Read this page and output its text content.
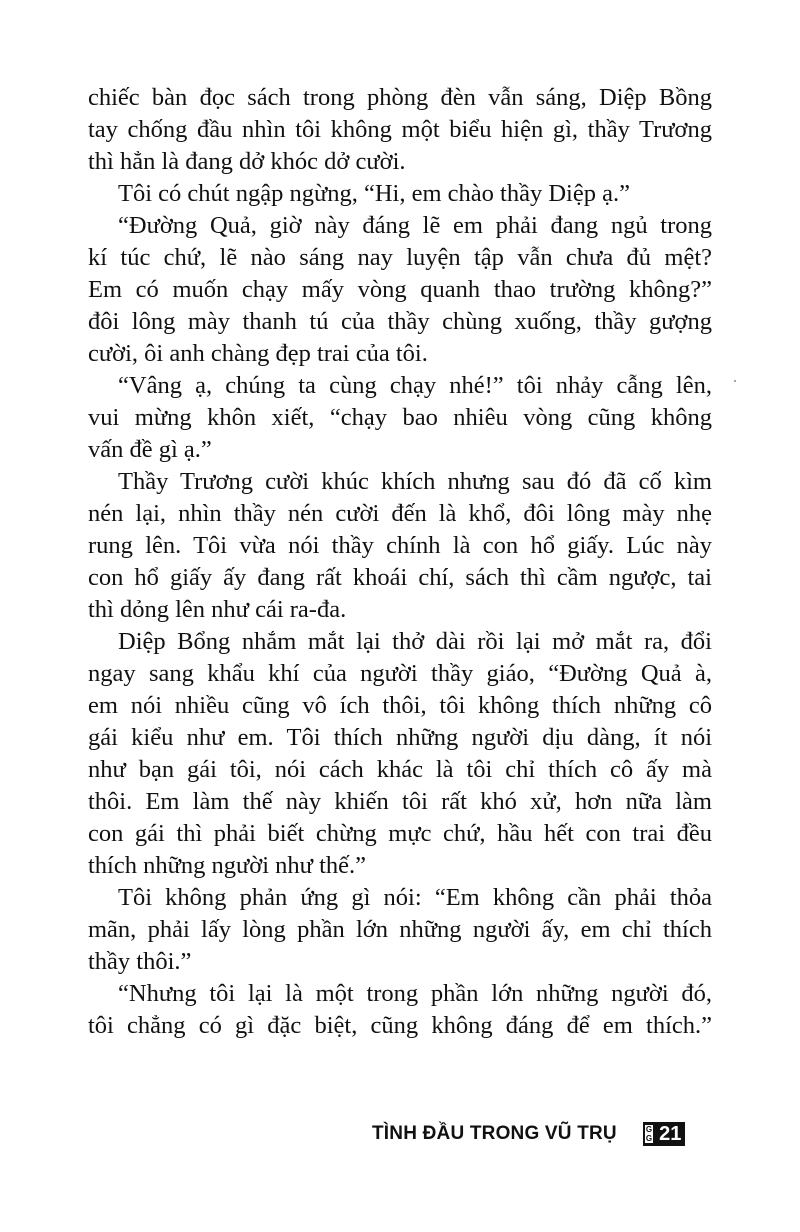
chiếc bàn đọc sách trong phòng đèn vẫn sáng, Diệp Bồng
tay chống đầu nhìn tôi không một biểu hiện gì, thầy Trương
thì hẳn là đang dở khóc dở cười.
Tôi có chút ngập ngừng, “Hi, em chào thầy Diệp ạ.”
“Đường Quả, giờ này đáng lẽ em phải đang ngủ trong
kí túc chứ, lẽ nào sáng nay luyện tập vẫn chưa đủ mệt?
Em có muốn chạy mấy vòng quanh thao trường không?”
đôi lông mày thanh tú của thầy chùng xuống, thầy gượng
cười, ôi anh chàng đẹp trai của tôi.
“Vâng ạ, chúng ta cùng chạy nhé!” tôi nhảy cẫng lên,
vui mừng khôn xiết, “chạy bao nhiêu vòng cũng không
vấn đề gì ạ.”
Thầy Trương cười khúc khích nhưng sau đó đã cố kìm
nén lại, nhìn thầy nén cười đến là khổ, đôi lông mày nhẹ
rung lên. Tôi vừa nói thầy chính là con hổ giấy. Lúc này
con hổ giấy ấy đang rất khoái chí, sách thì cầm ngược, tai
thì dỏng lên như cái ra-đa.
Diệp Bổng nhắm mắt lại thở dài rồi lại mở mắt ra, đổi
ngay sang khẩu khí của người thầy giáo, “Đường Quả à,
em nói nhiều cũng vô ích thôi, tôi không thích những cô
gái kiểu như em. Tôi thích những người dịu dàng, ít nói
như bạn gái tôi, nói cách khác là tôi chỉ thích cô ấy mà
thôi. Em làm thế này khiến tôi rất khó xử, hơn nữa làm
con gái thì phải biết chừng mực chứ, hầu hết con trai đều
thích những người như thế.”
Tôi không phản ứng gì nói: “Em không cần phải thỏa
mãn, phải lấy lòng phần lớn những người ấy, em chỉ thích
thầy thôi.”
“Nhưng tôi lại là một trong phần lớn những người đó,
tôi chẳng có gì đặc biệt, cũng không đáng để em thích.”
TÌNH ĐẦU TRONG VŨ TRỤ	G
G 21
